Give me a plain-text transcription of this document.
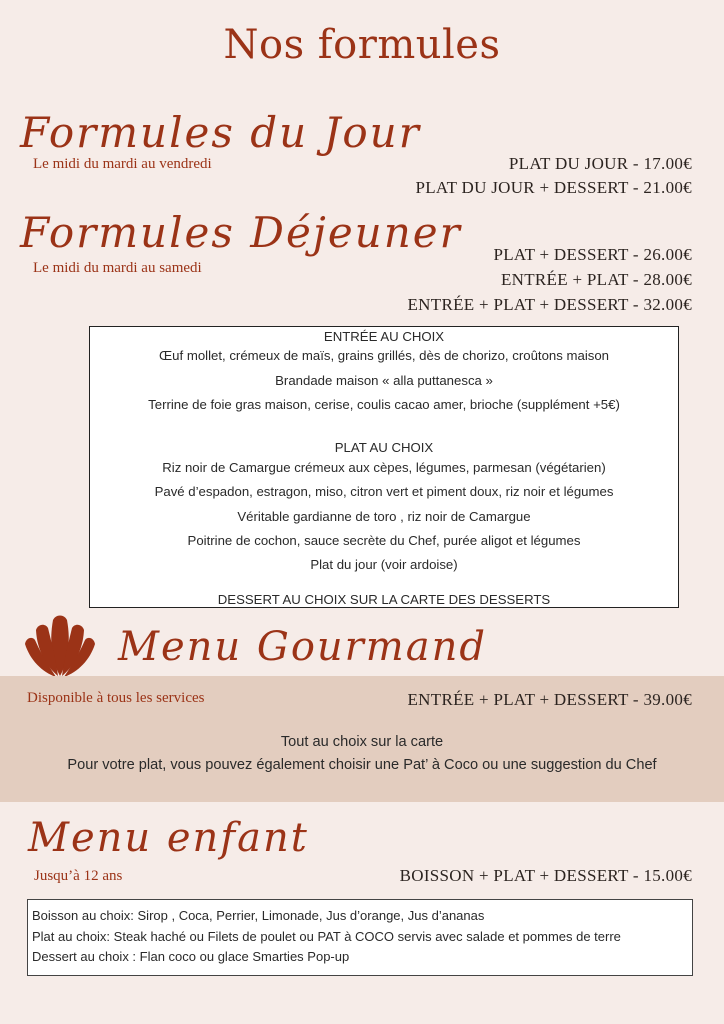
Nos formules
Formules du Jour
Le midi du mardi au vendredi	PLAT DU JOUR - 17.00€
PLAT DU JOUR + DESSERT - 21.00€
Formules Déjeuner
Le midi du mardi au samedi
PLAT + DESSERT - 26.00€
ENTRÉE + PLAT - 28.00€
ENTRÉE + PLAT + DESSERT - 32.00€
ENTRÉE AU CHOIX
Œuf mollet, crémeux de maïs, grains grillés, dès de chorizo, croûtons maison
Brandade maison « alla puttanesca »
Terrine de foie gras maison, cerise, coulis cacao amer, brioche (supplément +5€)
PLAT AU CHOIX
Riz noir de Camargue crémeux aux cèpes, légumes, parmesan (végétarien)
Pavé d’espadon, estragon, miso, citron vert et piment doux, riz noir et légumes
Véritable gardianne de toro , riz noir de Camargue
Poitrine de cochon, sauce secrète du Chef, purée aligot et légumes
Plat du jour (voir ardoise)
DESSERT AU CHOIX SUR LA CARTE DES DESSERTS
Menu Gourmand
Disponible à tous les services	ENTRÉE + PLAT + DESSERT - 39.00€
Tout au choix sur la carte
Pour votre plat, vous pouvez également choisir une Pat’ à Coco ou une suggestion du Chef
Menu enfant
Jusqu’à 12 ans	BOISSON + PLAT + DESSERT - 15.00€
Boisson au choix: Sirop , Coca, Perrier, Limonade, Jus d’orange, Jus d’ananas
Plat au choix: Steak haché ou Filets de poulet ou PAT à COCO servis avec salade et pommes de terre
Dessert au choix : Flan coco ou glace Smarties Pop-up
